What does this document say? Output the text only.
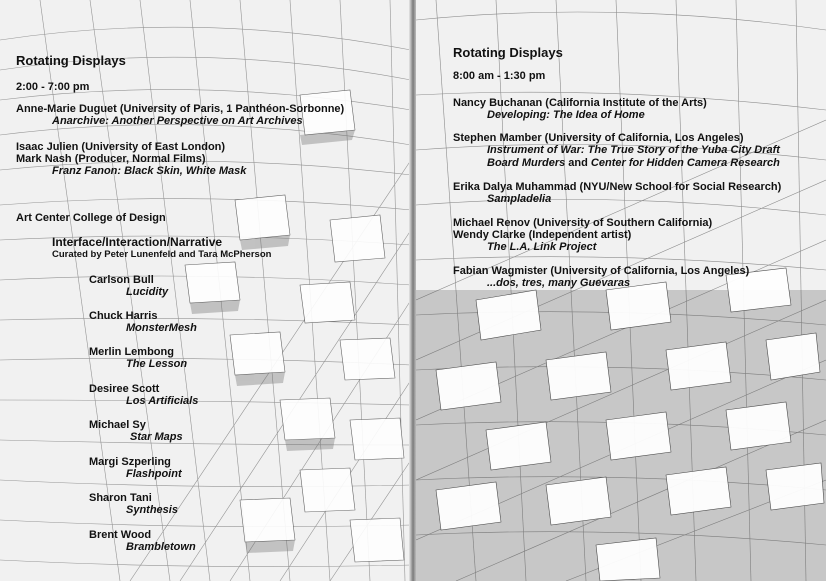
Rotating Displays
2:00 - 7:00 pm
Anne-Marie Duguet (University of Paris, 1 Panthéon-Sorbonne)
Anarchive: Another Perspective on Art Archives
Isaac Julien (University of East London)
Mark Nash (Producer, Normal Films)
Franz Fanon: Black Skin, White Mask
Art Center College of Design
Interface/Interaction/Narrative
Curated by Peter Lunenfeld and Tara McPherson
Carlson Bull
Lucidity
Chuck Harris
MonsterMesh
Merlin Lembong
The Lesson
Desiree Scott
Los Artificials
Michael Sy
Star Maps
Margi Szperling
Flashpoint
Sharon Tani
Synthesis
Brent Wood
Brambletown
Rotating Displays
8:00 am - 1:30 pm
Nancy Buchanan (California Institute of the Arts)
Developing: The Idea of Home
Stephen Mamber (University of California, Los Angeles)
Instrument of War: The True Story of the Yuba City Draft
Board Murders and Center for Hidden Camera Research
Erika Dalya Muhammad (NYU/New School for Social Research)
Sampladelia
Michael Renov (University of Southern California)
Wendy Clarke (Independent artist)
The L.A. Link Project
Fabian Wagmister (University of California, Los Angeles)
...dos, tres, many Guevaras
